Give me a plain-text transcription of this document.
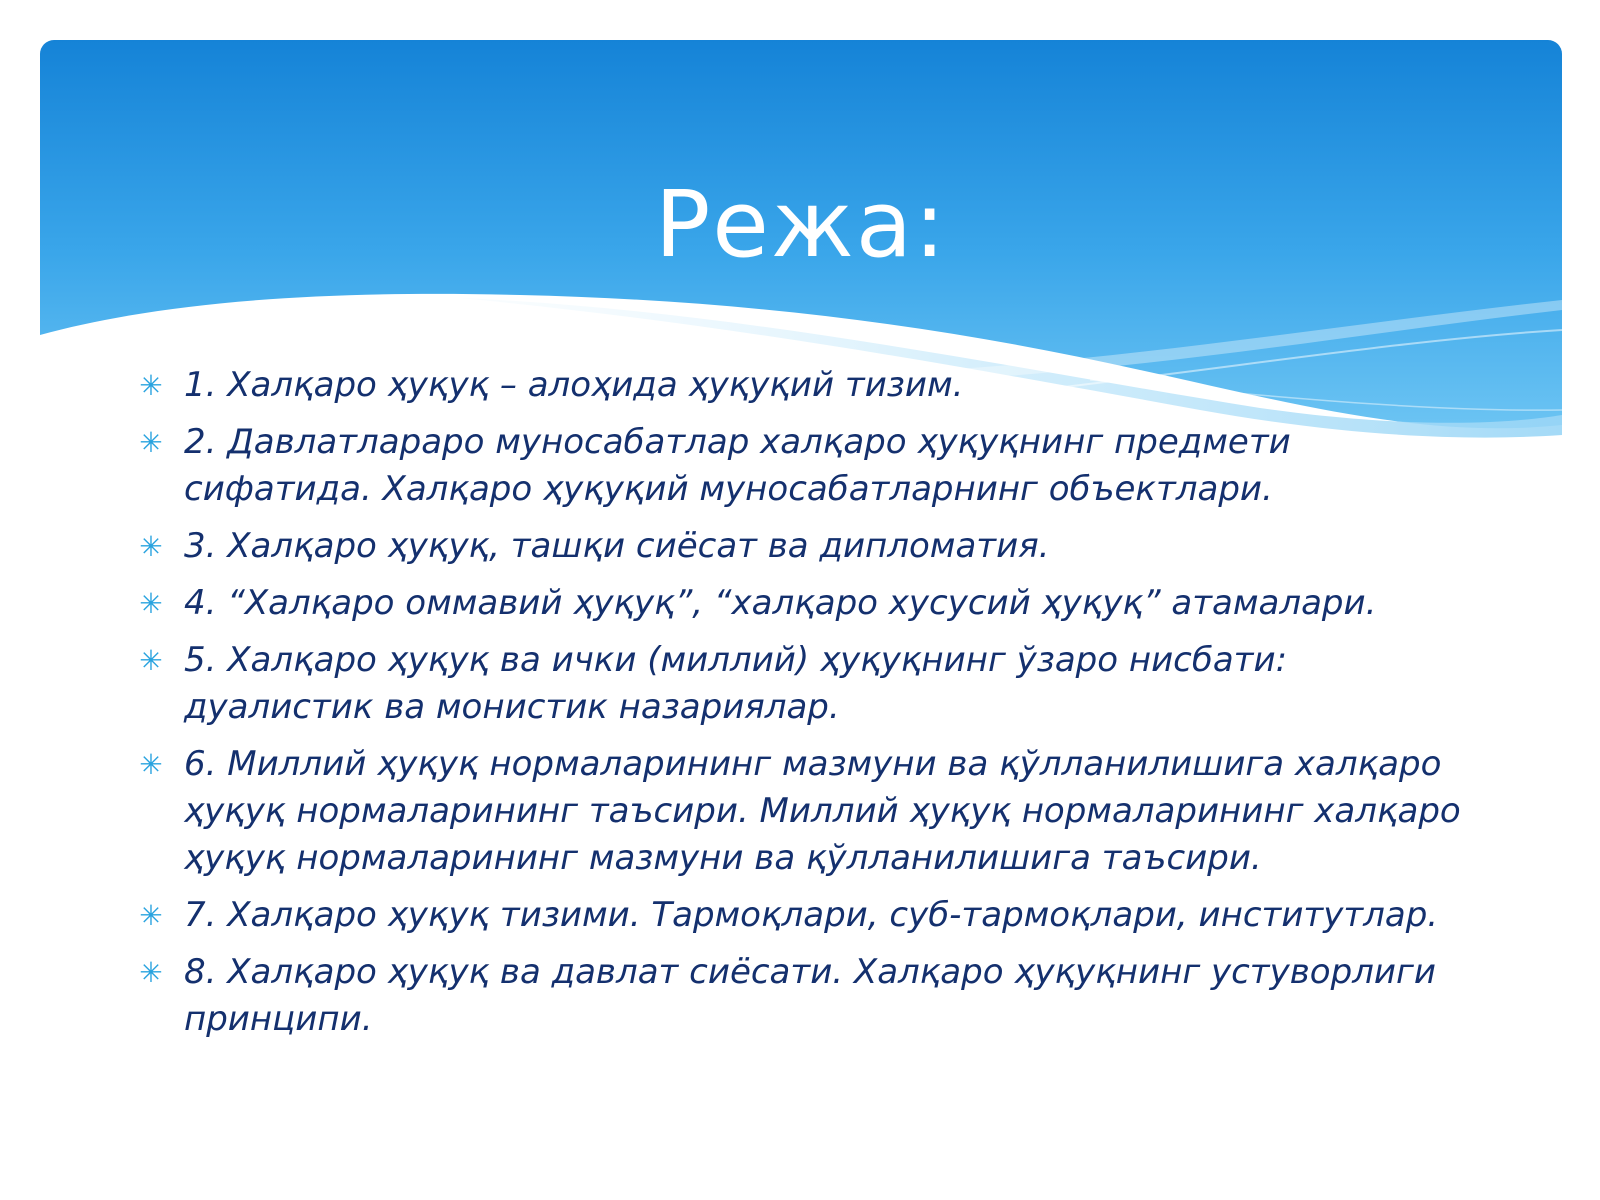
Режа:
✳ 1. Халқаро ҳуқуқ – алоҳида ҳуқуқий тизим.
✳ 2. Давлатлараро муносабатлар халқаро ҳуқуқнинг предмети сифатида. Халқаро ҳуқуқий муносабатларнинг объектлари.
✳ 3. Халқаро ҳуқуқ, ташқи сиёсат ва дипломатия.
✳ 4. “Халқаро оммавий ҳуқуқ”, “халқаро хусусий ҳуқуқ” атамалари.
✳ 5. Халқаро ҳуқуқ ва ички (миллий) ҳуқуқнинг ўзаро нисбати: дуалистик ва монистик назариялар.
✳ 6. Миллий ҳуқуқ нормаларининг мазмуни ва қўлланилишига халқаро ҳуқуқ нормаларининг таъсири. Миллий ҳуқуқ нормаларининг халқаро ҳуқуқ нормаларининг мазмуни ва қўлланилишига таъсири.
✳ 7. Халқаро ҳуқуқ тизими. Тармоқлари, суб-тармоқлари, институтлар.
✳ 8. Халқаро ҳуқуқ ва давлат сиёсати. Халқаро ҳуқуқнинг устуворлиги принципи.
